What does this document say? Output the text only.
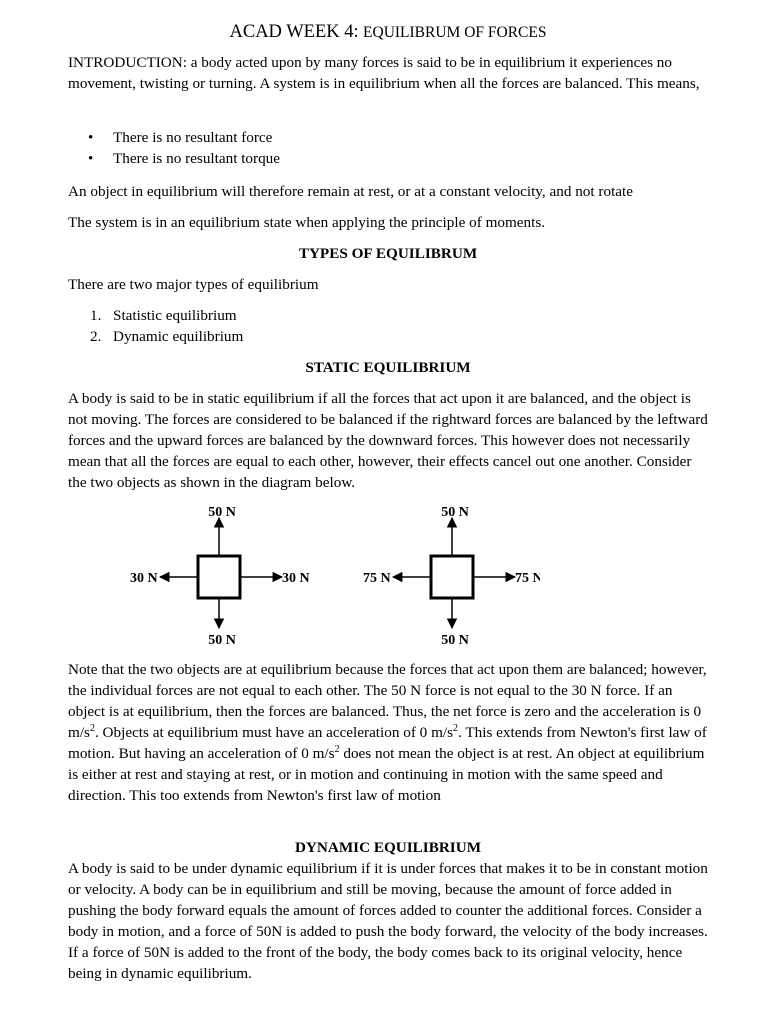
ACAD WEEK 4: EQUILIBRUM OF FORCES

INTRODUCTION: a body acted upon by many forces is said to be in equilibrium it experiences no movement, twisting or turning. A system is in equilibrium when all the forces are balanced. This means,

• There is no resultant force
• There is no resultant torque

An object in equilibrium will therefore remain at rest, or at a constant velocity, and not rotate

The system is in an equilibrium state when applying the principle of moments.

TYPES OF EQUILIBRUM

There are two major types of equilibrium

1. Statistic equilibrium
2. Dynamic equilibrium
STATIC EQUILIBRIUM

A body is said to be in static equilibrium if all the forces that act upon it are balanced, and the object is not moving. The forces are considered to be balanced if the rightward forces are balanced by the leftward forces and the upward forces are balanced by the downward forces. This however does not necessarily mean that all the forces are equal to each other, however, their effects cancel out one another. Consider the two objects as shown in the diagram below.

Note that the two objects are at equilibrium because the forces that act upon them are balanced; however, the individual forces are not equal to each other. The 50 N force is not equal to the 30 N force. If an object is at equilibrium, then the forces are balanced. Thus, the net force is zero and the acceleration is 0 $m/s^2$. Objects at equilibrium must have an acceleration of 0 $m/s^2$. This extends from Newton's first law of motion. But having an acceleration of 0 $m/s^2$ does not mean the object is at rest. An object at equilibrium is either at rest and staying at rest, or in motion and continuing in motion with the same speed and direction. This too extends from Newton's first law of motion

DYNAMIC EQUILIBRIUM

A body is said to be under dynamic equilibrium if it is under forces that makes it to be in constant motion or velocity. A body can be in equilibrium and still be moving, because the amount of force added in pushing the body forward equals the amount of forces added to counter the additional forces. Consider a body in motion, and a force of 50N is added to push the body forward, the velocity of the body increases. If a force of 50N is added to the front of the body, the body comes back to its original velocity, hence being in dynamic equilibrium.

50 N
50 N
30 N	30 N
50 N
50 N
75 N	75 N
